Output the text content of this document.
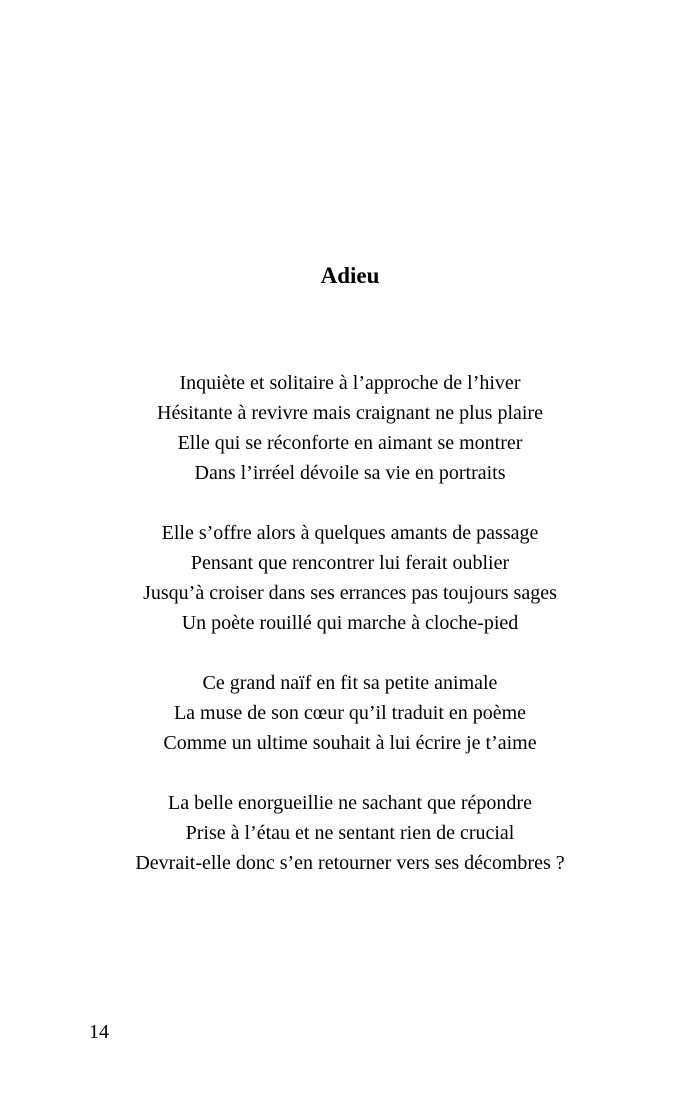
Adieu
Inquiète et solitaire à l’approche de l’hiver
Hésitante à revivre mais craignant ne plus plaire
Elle qui se réconforte en aimant se montrer
Dans l’irréel dévoile sa vie en portraits
Elle s’offre alors à quelques amants de passage
Pensant que rencontrer lui ferait oublier
Jusqu’à croiser dans ses errances pas toujours sages
Un poète rouillé qui marche à cloche-pied
Ce grand naïf en fit sa petite animale
La muse de son cœur qu’il traduit en poème
Comme un ultime souhait à lui écrire je t’aime
La belle enorgueillie ne sachant que répondre
Prise à l’étau et ne sentant rien de crucial
Devrait-elle donc s’en retourner vers ses décombres ?
14
